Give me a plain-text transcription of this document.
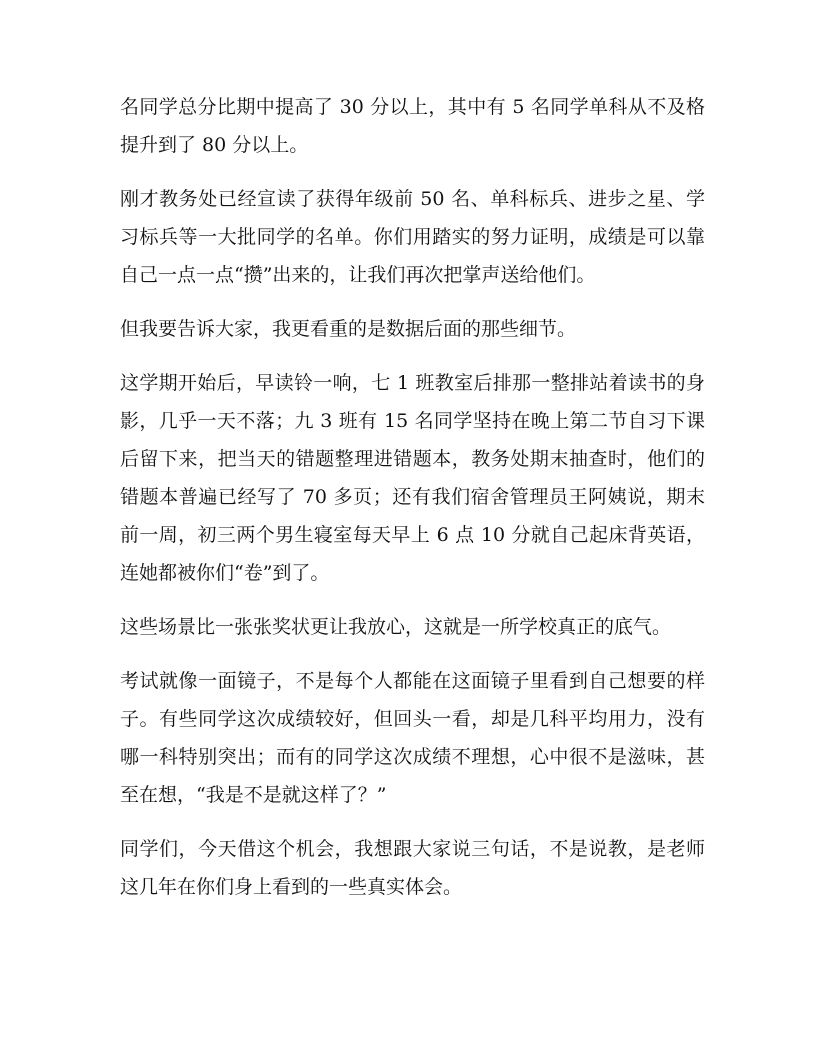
名同学总分比期中提高了 30 分以上，其中有 5 名同学单科从不及格提升到了 80 分以上。

刚才教务处已经宣读了获得年级前 50 名、单科标兵、进步之星、学习标兵等一大批同学的名单。你们用踏实的努力证明，成绩是可以靠自己一点一点“攒”出来的，让我们再次把掌声送给他们。

但我要告诉大家，我更看重的是数据后面的那些细节。

这学期开始后，早读铃一响，七 1 班教室后排那一整排站着读书的身影，几乎一天不落；九 3 班有 15 名同学坚持在晚上第二节自习下课后留下来，把当天的错题整理进错题本，教务处期末抽查时，他们的错题本普遍已经写了 70 多页；还有我们宿舍管理员王阿姨说，期末前一周，初三两个男生寝室每天早上 6 点 10 分就自己起床背英语，连她都被你们“卷”到了。

这些场景比一张张奖状更让我放心，这就是一所学校真正的底气。

考试就像一面镜子，不是每个人都能在这面镜子里看到自己想要的样子。有些同学这次成绩较好，但回头一看，却是几科平均用力，没有哪一科特别突出；而有的同学这次成绩不理想，心中很不是滋味，甚至在想，“我是不是就这样了？”

同学们，今天借这个机会，我想跟大家说三句话，不是说教，是老师这几年在你们身上看到的一些真实体会。
